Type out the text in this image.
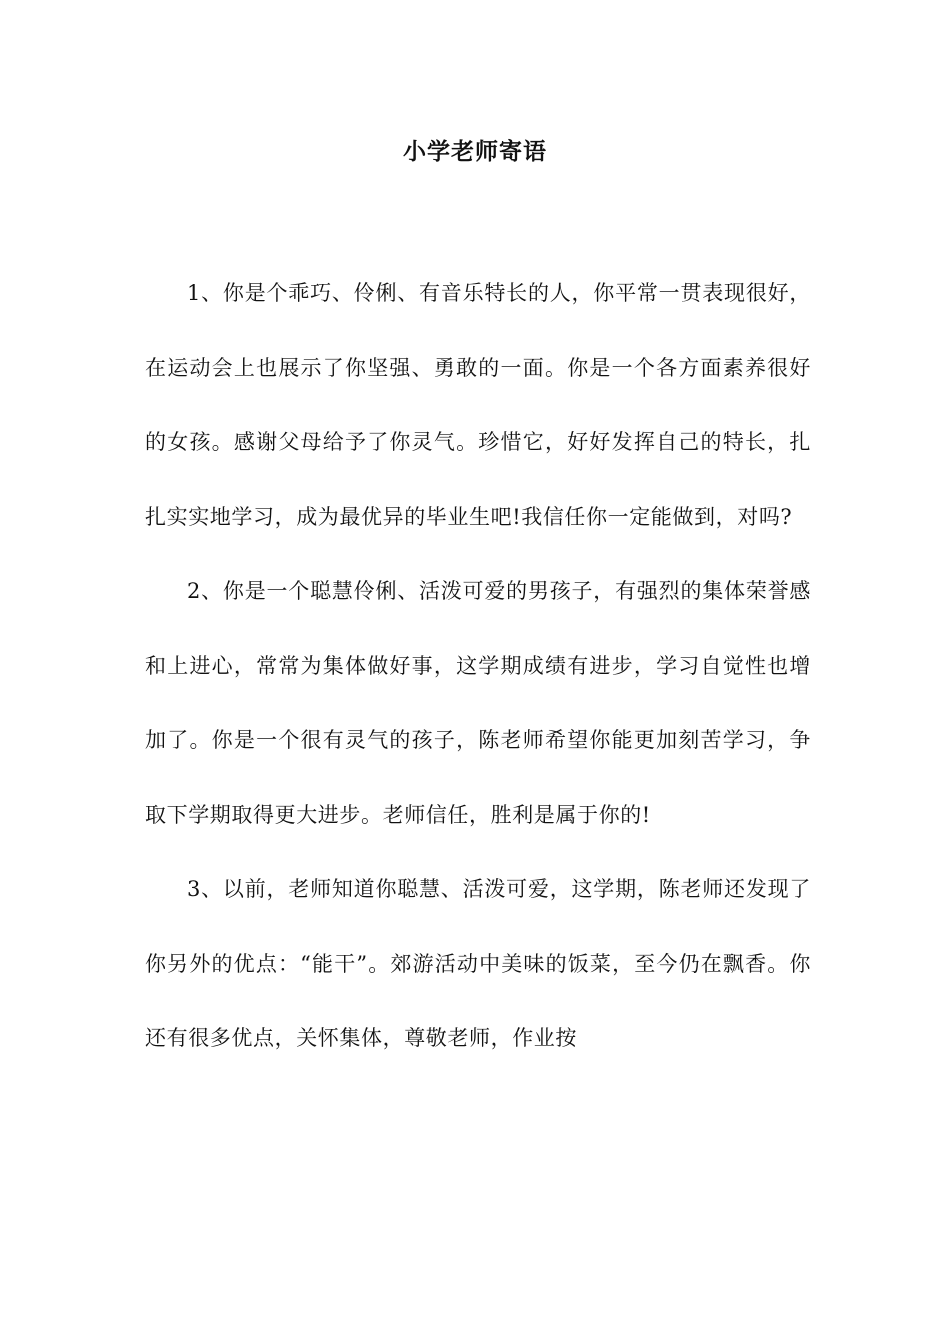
小学老师寄语

1、你是个乖巧、伶俐、有音乐特长的人，你平常一贯表现很好，在运动会上也展示了你坚强、勇敢的一面。你是一个各方面素养很好的女孩。感谢父母给予了你灵气。珍惜它，好好发挥自己的特长，扎扎实实地学习，成为最优异的毕业生吧!我信任你一定能做到，对吗?

2、你是一个聪慧伶俐、活泼可爱的男孩子，有强烈的集体荣誉感和上进心，常常为集体做好事，这学期成绩有进步，学习自觉性也增加了。你是一个很有灵气的孩子，陈老师希望你能更加刻苦学习，争取下学期取得更大进步。老师信任，胜利是属于你的!

3、以前，老师知道你聪慧、活泼可爱，这学期，陈老师还发现了你另外的优点：“能干”。郊游活动中美味的饭菜，至今仍在飘香。你还有很多优点，关怀集体，尊敬老师，作业按
